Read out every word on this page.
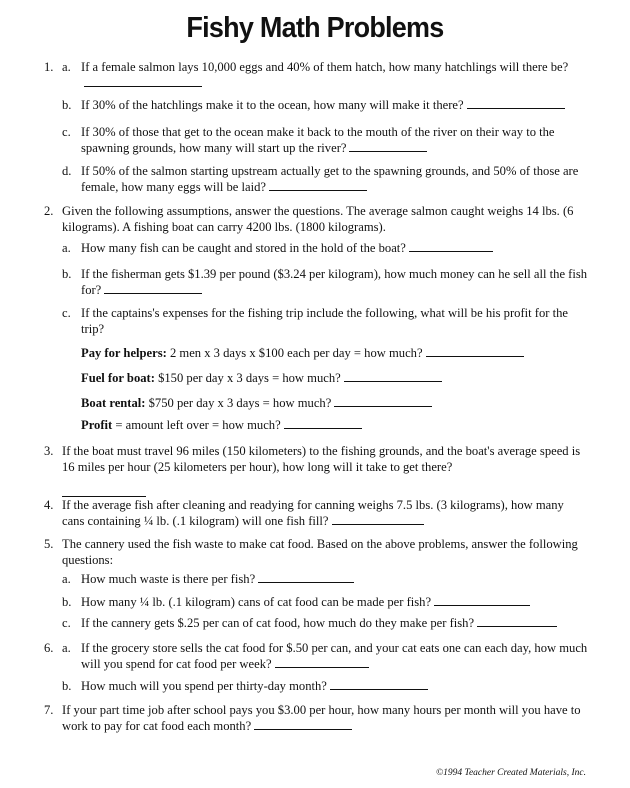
Fishy Math Problems
1. a. If a female salmon lays 10,000 eggs and 40% of them hatch, how many hatchlings will there be?
b. If 30% of the hatchlings make it to the ocean, how many will make it there?
c. If 30% of those that get to the ocean make it back to the mouth of the river on their way to the spawning grounds, how many will start up the river?
d. If 50% of the salmon starting upstream actually get to the spawning grounds, and 50% of those are female, how many eggs will be laid?
2. Given the following assumptions, answer the questions. The average salmon caught weighs 14 lbs. (6 kilograms). A fishing boat can carry 4200 lbs. (1800 kilograms).
a. How many fish can be caught and stored in the hold of the boat?
b. If the fisherman gets $1.39 per pound ($3.24 per kilogram), how much money can he sell all the fish for?
c. If the captains's expenses for the fishing trip include the following, what will be his profit for the trip?
Pay for helpers: 2 men x 3 days x $100 each per day = how much?
Fuel for boat: $150 per day x 3 days = how much?
Boat rental: $750 per day x 3 days = how much?
Profit = amount left over = how much?
3. If the boat must travel 96 miles (150 kilometers) to the fishing grounds, and the boat's average speed is 16 miles per hour (25 kilometers per hour), how long will it take to get there?
4. If the average fish after cleaning and readying for canning weighs 7.5 lbs. (3 kilograms), how many cans containing ¼ lb. (.1 kilogram) will one fish fill?
5. The cannery used the fish waste to make cat food. Based on the above problems, answer the following questions:
a. How much waste is there per fish?
b. How many ¼ lb. (.1 kilogram) cans of cat food can be made per fish?
c. If the cannery gets $.25 per can of cat food, how much do they make per fish?
6. a. If the grocery store sells the cat food for $.50 per can, and your cat eats one can each day, how much will you spend for cat food per week?
b. How much will you spend per thirty-day month?
7. If your part time job after school pays you $3.00 per hour, how many hours per month will you have to work to pay for cat food each month?
©1994 Teacher Created Materials, Inc.
